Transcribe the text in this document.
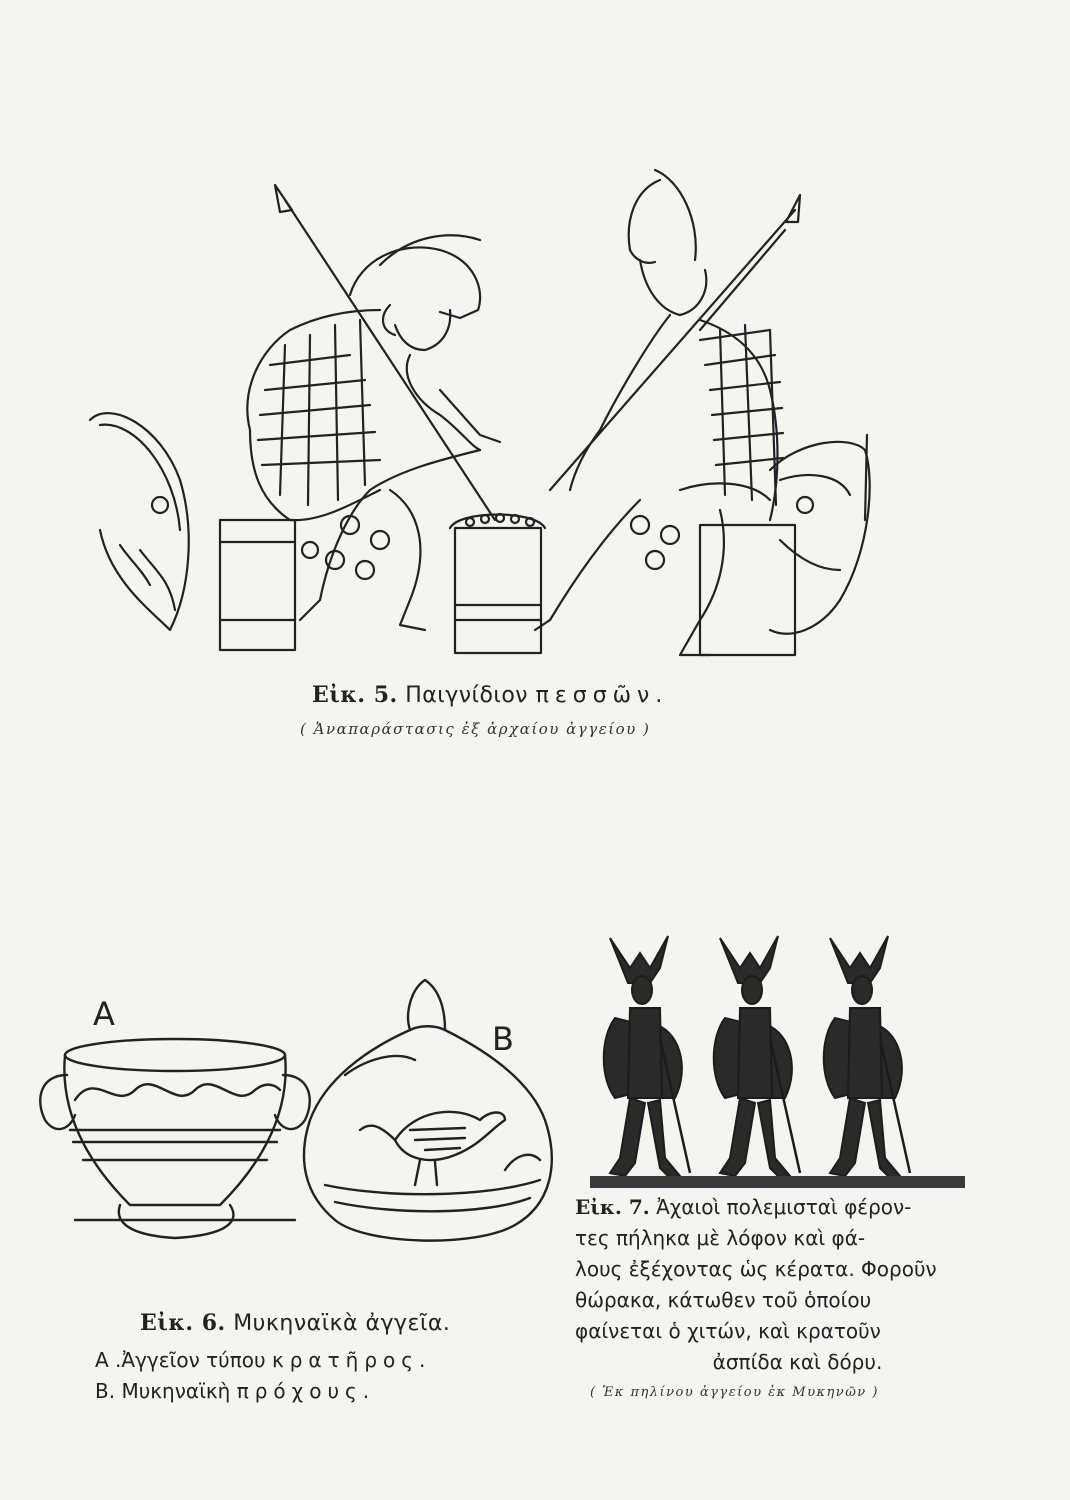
Εἰκ. 5. Παιγνίδιον πεσσῶν.
( Ἀναπαράστασις ἐξ ἀρχαίου ἀγγείου )
A
B
Εἰκ. 6. Μυκηναϊκὰ ἀγγεῖα.
A .Ἀγγεῖον τύπου κρατῆρος.
B. Μυκηναϊκὴ πρόχους.
Εἰκ. 7. Ἀχαιοὶ πολεμισταὶ φέρον-
τες πήληκα μὲ λόφον καὶ φά-
λους ἐξέχοντας ὡς κέρατα. Φοροῦν
θώρακα, κάτωθεν τοῦ ὁποίου
φαίνεται ὁ χιτών, καὶ κρατοῦν
ἀσπίδα καὶ δόρυ.
( Ἐκ πηλίνου ἀγγείου ἐκ Μυκηνῶν )
